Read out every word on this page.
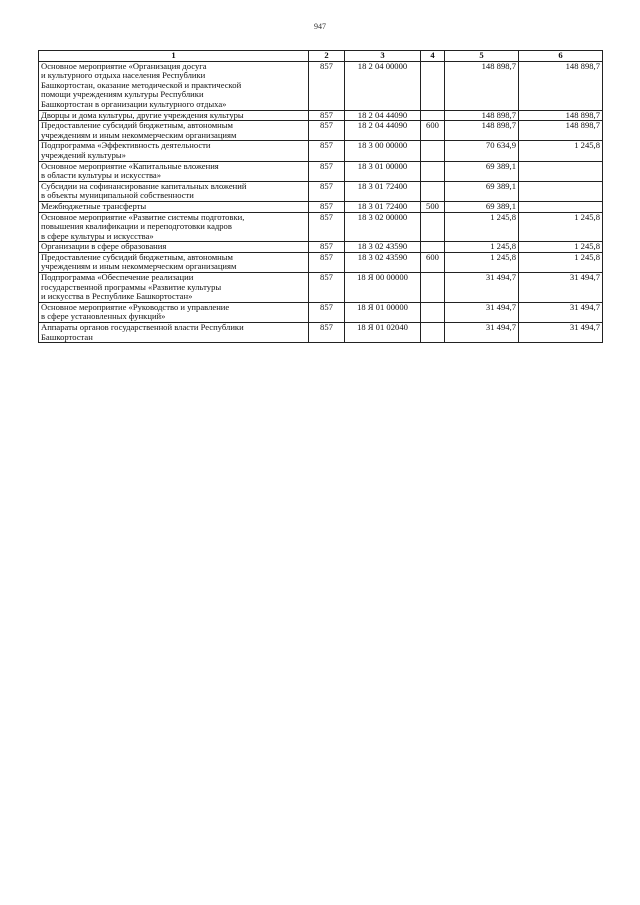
947
1	2	3	4	5	6
Основное мероприятие «Организация досуга
и культурного отдыха населения Республики
Башкортостан, оказание методической и практической
помощи учреждениям культуры Республики
Башкортостан в организации культурного отдыха»	857	18 2 04 00000		148 898,7	148 898,7
Дворцы и дома культуры, другие учреждения культуры	857	18 2 04 44090		148 898,7	148 898,7
Предоставление субсидий бюджетным, автономным
учреждениям и иным некоммерческим организациям	857	18 2 04 44090	600	148 898,7	148 898,7
Подпрограмма «Эффективность деятельности
учреждений культуры»	857	18 3 00 00000		70 634,9	1 245,8
Основное мероприятие «Капитальные вложения
в области культуры и искусства»	857	18 3 01 00000		69 389,1	
Субсидии на софинансирование капитальных вложений
в объекты муниципальной собственности	857	18 3 01 72400		69 389,1	
Межбюджетные трансферты	857	18 3 01 72400	500	69 389,1	
Основное мероприятие «Развитие системы подготовки,
повышения квалификации и переподготовки кадров
в сфере культуры и искусства»	857	18 3 02 00000		1 245,8	1 245,8
Организации в сфере образования	857	18 3 02 43590		1 245,8	1 245,8
Предоставление субсидий бюджетным, автономным
учреждениям и иным некоммерческим организациям	857	18 3 02 43590	600	1 245,8	1 245,8
Подпрограмма «Обеспечение реализации
государственной программы «Развитие культуры
и искусства в Республике Башкортостан»	857	18 Я 00 00000		31 494,7	31 494,7
Основное мероприятие «Руководство и управление
в сфере установленных функций»	857	18 Я 01 00000		31 494,7	31 494,7
Аппараты органов государственной власти Республики
Башкортостан	857	18 Я 01 02040		31 494,7	31 494,7
